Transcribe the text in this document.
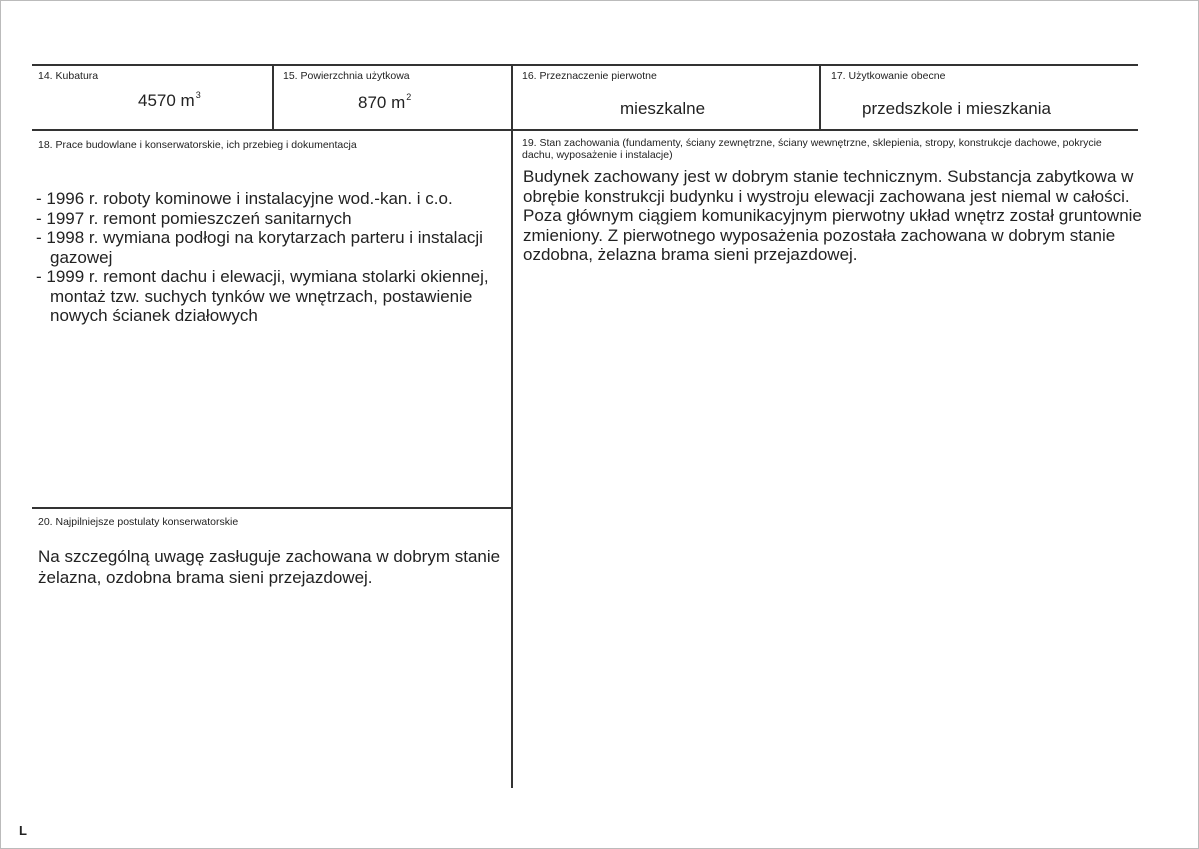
14. Kubatura
4570 $m^3$
15. Powierzchnia użytkowa
870 $m^2$
16. Przeznaczenie pierwotne
mieszkalne
17. Użytkowanie obecne
przedszkole i mieszkania
18. Prace budowlane i konserwatorskie, ich przebieg i dokumentacja
- 1996 r. roboty kominowe i instalacyjne wod.-kan. i c.o.
- 1997 r. remont pomieszczeń sanitarnych
- 1998 r. wymiana podłogi na korytarzach parteru i instalacji gazowej
- 1999 r. remont dachu i elewacji, wymiana stolarki okiennej, montaż tzw. suchych tynków we wnętrzach, postawienie nowych ścianek działowych
19. Stan zachowania (fundamenty, ściany zewnętrzne, ściany wewnętrzne, sklepienia, stropy, konstrukcje dachowe, pokrycie dachu, wyposażenie i instalacje)
Budynek zachowany jest w dobrym stanie technicznym. Substancja zabytkowa w obrębie konstrukcji budynku i wystroju elewacji zachowana jest niemal w całości. Poza głównym ciągiem komunikacyjnym pierwotny układ wnętrz został gruntownie zmieniony. Z pierwotnego wyposażenia pozostała zachowana w dobrym stanie ozdobna, żelazna brama sieni przejazdowej.
20. Najpilniejsze postulaty konserwatorskie
Na szczególną uwagę zasługuje zachowana w dobrym stanie żelazna, ozdobna brama sieni przejazdowej.
L
